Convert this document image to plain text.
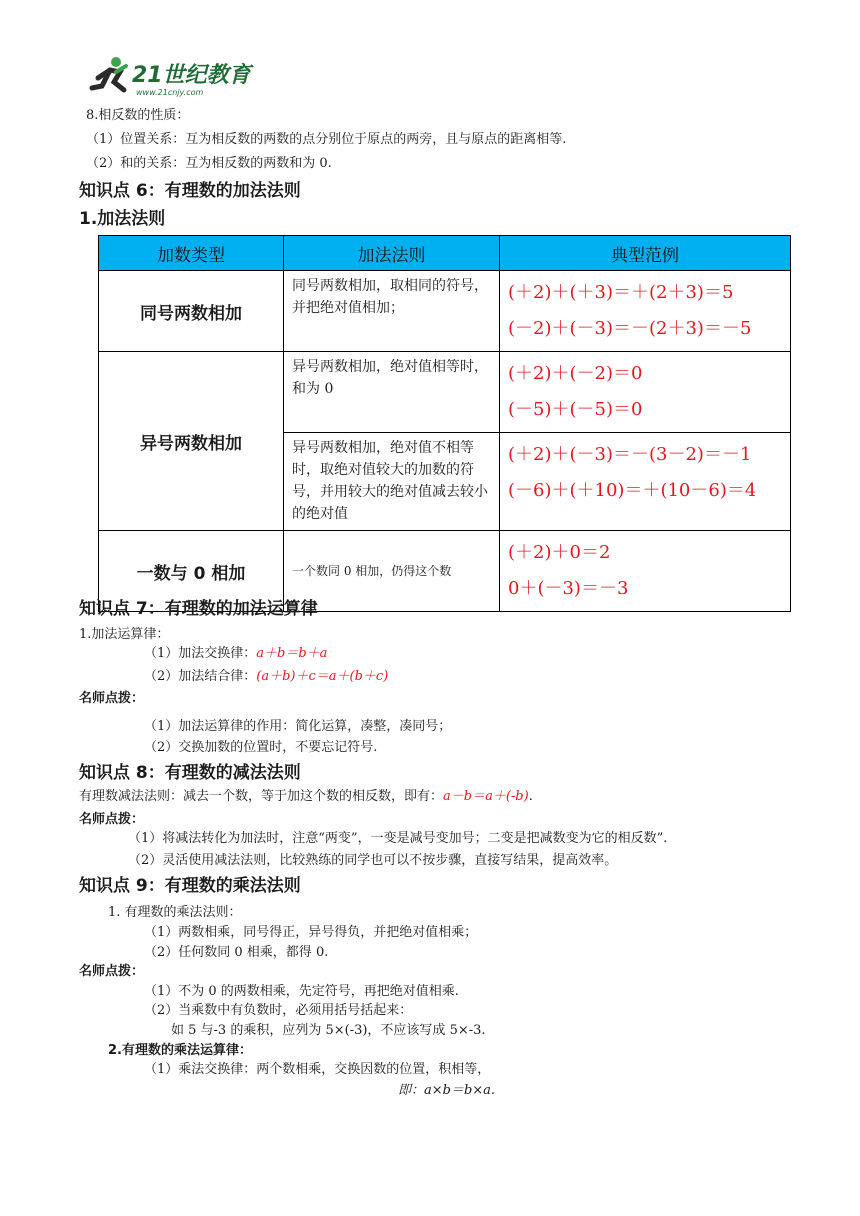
21世纪教育
www.21cnjy.com
8.相反数的性质：
（1）位置关系：互为相反数的两数的点分别位于原点的两旁，且与原点的距离相等.
（2）和的关系：互为相反数的两数和为 0.
知识点 6：有理数的加法法则
1.加法法则
加数类型	加法法则	典型范例
同号两数相加	同号两数相加，取相同的符号，并把绝对值相加；	(＋2)＋(＋3)＝＋(2＋3)＝5
(－2)＋(－3)＝－(2＋3)＝－5

异号两数相加	异号两数相加，绝对值相等时，和为 0	(＋2)＋(－2)＝0
(－5)＋(－5)＝0

	异号两数相加，绝对值不相等时，取绝对值较大的加数的符号，并用较大的绝对值减去较小的绝对值	(＋2)＋(－3)＝－(3－2)＝－1
(－6)＋(＋10)＝＋(10－6)＝4

一数与 0 相加	一个数同 0 相加，仍得这个数	(＋2)＋0＝2
0＋(－3)＝－3
知识点 7：有理数的加法运算律
1.加法运算律：
（1）加法交换律：a＋b＝b＋a
（2）加法结合律：(a＋b)＋c＝a＋(b＋c)
名师点拨：
（1）加法运算律的作用：简化运算，凑整，凑同号；
（2）交换加数的位置时，不要忘记符号.
知识点 8：有理数的减法法则
有理数减法法则：减去一个数，等于加这个数的相反数，即有：a－b＝a＋(-b).
名师点拨：
（1）将减法转化为加法时，注意“两变”，一变是减号变加号；二变是把减数变为它的相反数”.
（2）灵活使用减法法则，比较熟练的同学也可以不按步骤，直接写结果，提高效率。
知识点 9：有理数的乘法法则
1. 有理数的乘法法则：
（1）两数相乘，同号得正，异号得负，并把绝对值相乘；
（2）任何数同 0 相乘，都得 0.
名师点拨：
（1）不为 0 的两数相乘，先定符号，再把绝对值相乘.
（2）当乘数中有负数时，必须用括号括起来：
如 5 与-3 的乘积，应列为 5×(-3)，不应该写成 5×-3.
2.有理数的乘法运算律：
（1）乘法交换律：两个数相乘，交换因数的位置，积相等，
即：a×b＝b×a.
